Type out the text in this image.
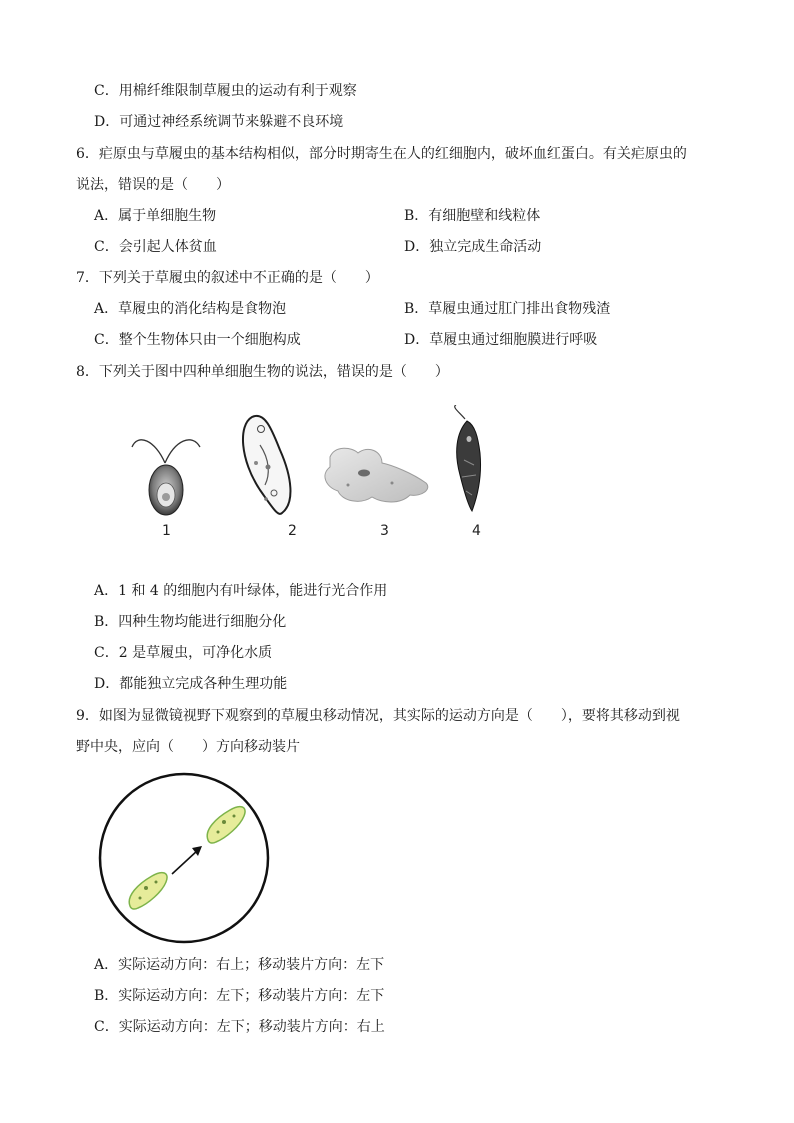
C．用棉纤维限制草履虫的运动有利于观察
D．可通过神经系统调节来躲避不良环境
6．疟原虫与草履虫的基本结构相似，部分时期寄生在人的红细胞内，破坏血红蛋白。有关疟原虫的
说法，错误的是（　　）
A．属于单细胞生物	B．有细胞壁和线粒体
C．会引起人体贫血	D．独立完成生命活动
7．下列关于草履虫的叙述中不正确的是（　　）
A．草履虫的消化结构是食物泡	B．草履虫通过肛门排出食物残渣
C．整个生物体只由一个细胞构成	D．草履虫通过细胞膜进行呼吸
8．下列关于图中四种单细胞生物的说法，错误的是（　　）
1	2	3	4
A．1 和 4 的细胞内有叶绿体，能进行光合作用
B．四种生物均能进行细胞分化
C．2 是草履虫，可净化水质
D．都能独立完成各种生理功能
9．如图为显微镜视野下观察到的草履虫移动情况，其实际的运动方向是（　　），要将其移动到视
野中央，应向（　　）方向移动装片
A．实际运动方向：右上；移动装片方向：左下
B．实际运动方向：左下；移动装片方向：左下
C．实际运动方向：左下；移动装片方向：右上
